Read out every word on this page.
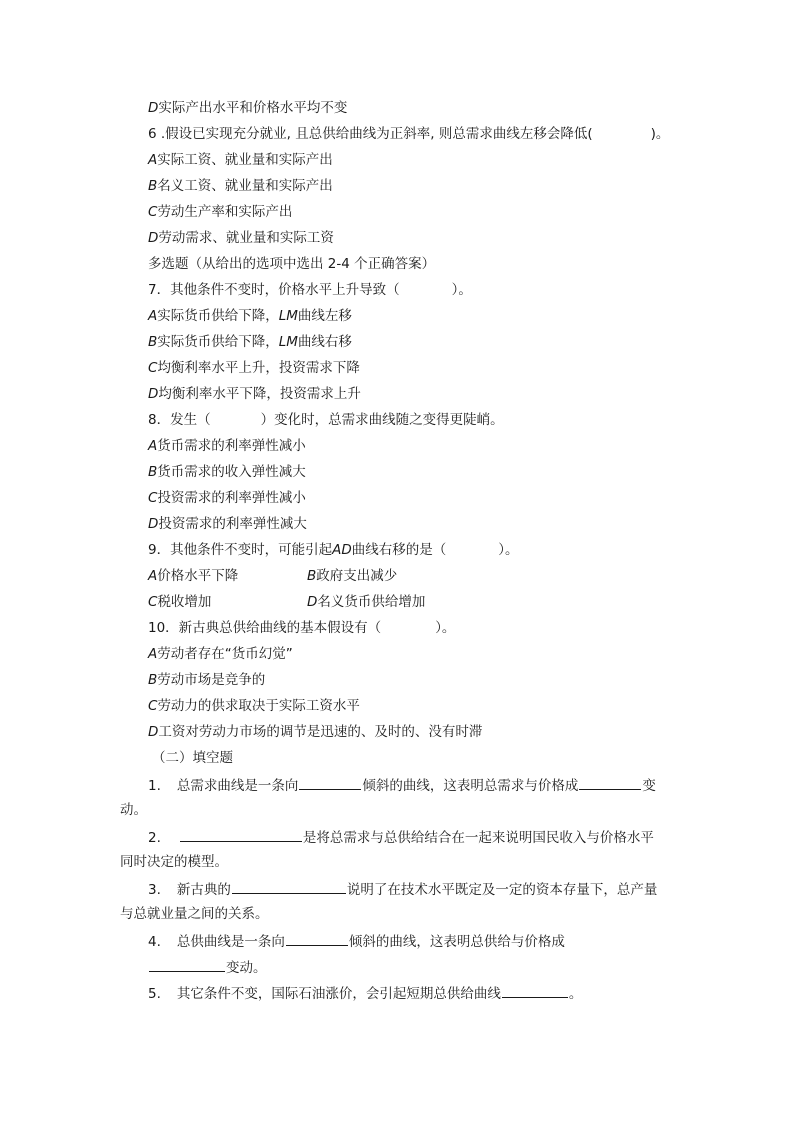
D实际产出水平和价格水平均不变
6 .假设已实现充分就业, 且总供给曲线为正斜率, 则总需求曲线左移会降低(	)。
A实际工资、就业量和实际产出
B名义工资、就业量和实际产出
C劳动生产率和实际产出
D劳动需求、就业量和实际工资
多选题（从给出的选项中选出 2-4 个正确答案）
7．其他条件不变时，价格水平上升导致（	）。
A实际货币供给下降，LM曲线左移
B实际货币供给下降，LM曲线右移
C均衡利率水平上升，投资需求下降
D均衡利率水平下降，投资需求上升
8．发生（	）变化时，总需求曲线随之变得更陡峭。
A货币需求的利率弹性减小
B货币需求的收入弹性减大
C投资需求的利率弹性减小
D投资需求的利率弹性减大
9．其他条件不变时，可能引起AD曲线右移的是（	）。
A价格水平下降	B政府支出减少
C税收增加	D名义货币供给增加
10．新古典总供给曲线的基本假设有（	）。
A劳动者存在“货币幻觉”
B劳动市场是竞争的
C劳动力的供求取决于实际工资水平
D工资对劳动力市场的调节是迅速的、及时的、没有时滞
（二）填空题
1. 总需求曲线是一条向	倾斜的曲线，这表明总需求与价格成	变
动。
2.	是将总需求与总供给结合在一起来说明国民收入与价格水平
同时决定的模型。
3. 新古典的	说明了在技术水平既定及一定的资本存量下，总产量
与总就业量之间的关系。
4. 总供曲线是一条向	倾斜的曲线，这表明总供给与价格成
变动。
5. 其它条件不变，国际石油涨价，会引起短期总供给曲线	。
